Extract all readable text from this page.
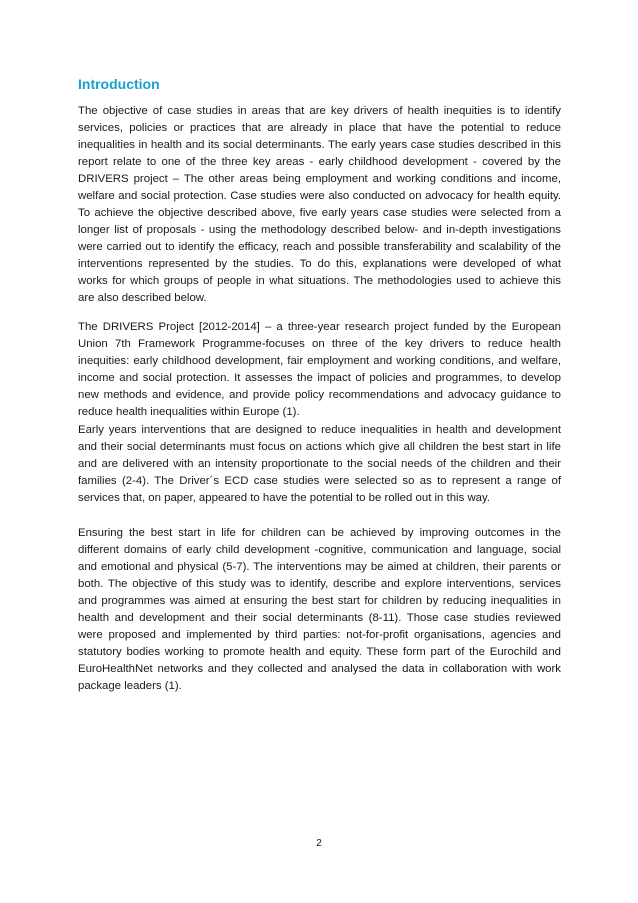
Introduction

The objective of case studies in areas that are key drivers of health inequities is to identify services, policies or practices that are already in place that have the potential to reduce inequalities in health and its social determinants. The early years case studies described in this report relate to one of the three key areas - early childhood development - covered by the DRIVERS project – The other areas being employment and working conditions and income, welfare and social protection. Case studies were also conducted on advocacy for health equity. To achieve the objective described above, five early years case studies were selected from a longer list of proposals - using the methodology described below- and in-depth investigations were carried out to identify the efficacy, reach and possible transferability and scalability of the interventions represented by the studies. To do this, explanations were developed of what works for which groups of people in what situations. The methodologies used to achieve this are also described below.

The DRIVERS Project [2012-2014] – a three-year research project funded by the European Union 7th Framework Programme-focuses on three of the key drivers to reduce health inequities: early childhood development, fair employment and working conditions, and welfare, income and social protection. It assesses the impact of policies and programmes, to develop new methods and evidence, and provide policy recommendations and advocacy guidance to reduce health inequalities within Europe (1).

Early years interventions that are designed to reduce inequalities in health and development and their social determinants must focus on actions which give all children the best start in life and are delivered with an intensity proportionate to the social needs of the children and their families (2-4). The Driver´s ECD case studies were selected so as to represent a range of services that, on paper, appeared to have the potential to be rolled out in this way.

Ensuring the best start in life for children can be achieved by improving outcomes in the different domains of early child development -cognitive, communication and language, social and emotional and physical (5-7). The interventions may be aimed at children, their parents or both. The objective of this study was to identify, describe and explore interventions, services and programmes was aimed at ensuring the best start for children by reducing inequalities in health and development and their social determinants (8-11). Those case studies reviewed were proposed and implemented by third parties: not-for-profit organisations, agencies and statutory bodies working to promote health and equity. These form part of the Eurochild and EuroHealthNet networks and they collected and analysed the data in collaboration with work package leaders (1).

2
